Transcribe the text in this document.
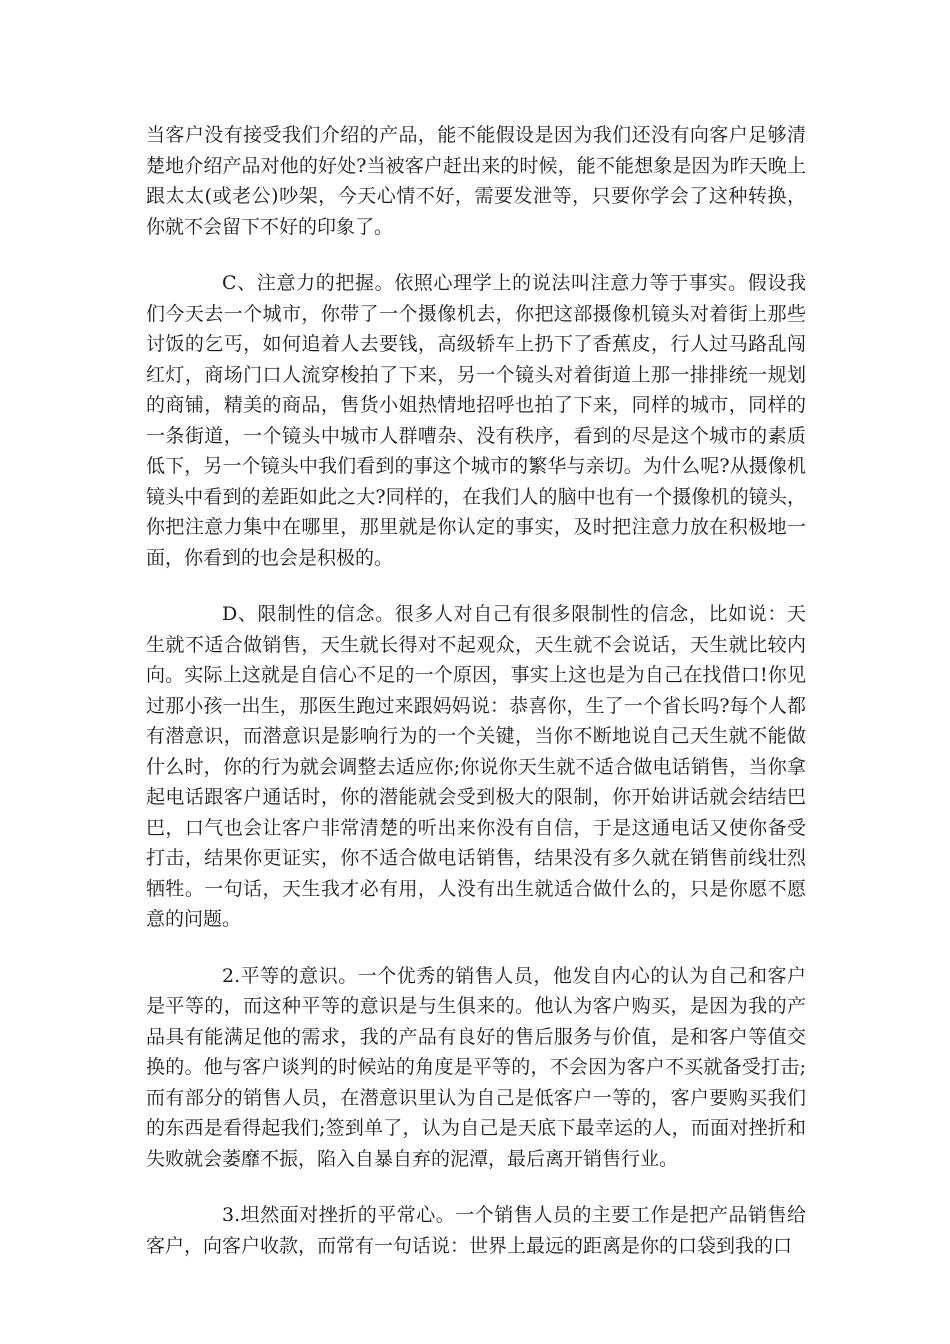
当客户没有接受我们介绍的产品，能不能假设是因为我们还没有向客户足够清楚地介绍产品对他的好处?当被客户赶出来的时候，能不能想象是因为昨天晚上跟太太(或老公)吵架，今天心情不好，需要发泄等，只要你学会了这种转换，你就不会留下不好的印象了。

C、注意力的把握。依照心理学上的说法叫注意力等于事实。假设我们今天去一个城市，你带了一个摄像机去，你把这部摄像机镜头对着街上那些讨饭的乞丐，如何追着人去要钱，高级轿车上扔下了香蕉皮，行人过马路乱闯红灯，商场门口人流穿梭拍了下来，另一个镜头对着街道上那一排排统一规划的商铺，精美的商品，售货小姐热情地招呼也拍了下来，同样的城市，同样的一条街道，一个镜头中城市人群嘈杂、没有秩序，看到的尽是这个城市的素质低下，另一个镜头中我们看到的事这个城市的繁华与亲切。为什么呢?从摄像机镜头中看到的差距如此之大?同样的，在我们人的脑中也有一个摄像机的镜头，你把注意力集中在哪里，那里就是你认定的事实，及时把注意力放在积极地一面，你看到的也会是积极的。

D、限制性的信念。很多人对自己有很多限制性的信念，比如说：天生就不适合做销售，天生就长得对不起观众，天生就不会说话，天生就比较内向。实际上这就是自信心不足的一个原因，事实上这也是为自己在找借口!你见过那小孩一出生，那医生跑过来跟妈妈说：恭喜你，生了一个省长吗?每个人都有潜意识，而潜意识是影响行为的一个关键，当你不断地说自己天生就不能做什么时，你的行为就会调整去适应你;你说你天生就不适合做电话销售，当你拿起电话跟客户通话时，你的潜能就会受到极大的限制，你开始讲话就会结结巴巴，口气也会让客户非常清楚的听出来你没有自信，于是这通电话又使你备受打击，结果你更证实，你不适合做电话销售，结果没有多久就在销售前线壮烈牺牲。一句话，天生我才必有用，人没有出生就适合做什么的，只是你愿不愿意的问题。

2.平等的意识。一个优秀的销售人员，他发自内心的认为自己和客户是平等的，而这种平等的意识是与生俱来的。他认为客户购买，是因为我的产品具有能满足他的需求，我的产品有良好的售后服务与价值，是和客户等值交换的。他与客户谈判的时候站的角度是平等的，不会因为客户不买就备受打击;而有部分的销售人员，在潜意识里认为自己是低客户一等的，客户要购买我们的东西是看得起我们;签到单了，认为自己是天底下最幸运的人，而面对挫折和失败就会萎靡不振，陷入自暴自弃的泥潭，最后离开销售行业。

3.坦然面对挫折的平常心。一个销售人员的主要工作是把产品销售给客户，向客户收款，而常有一句话说：世界上最远的距离是你的口袋到我的口
